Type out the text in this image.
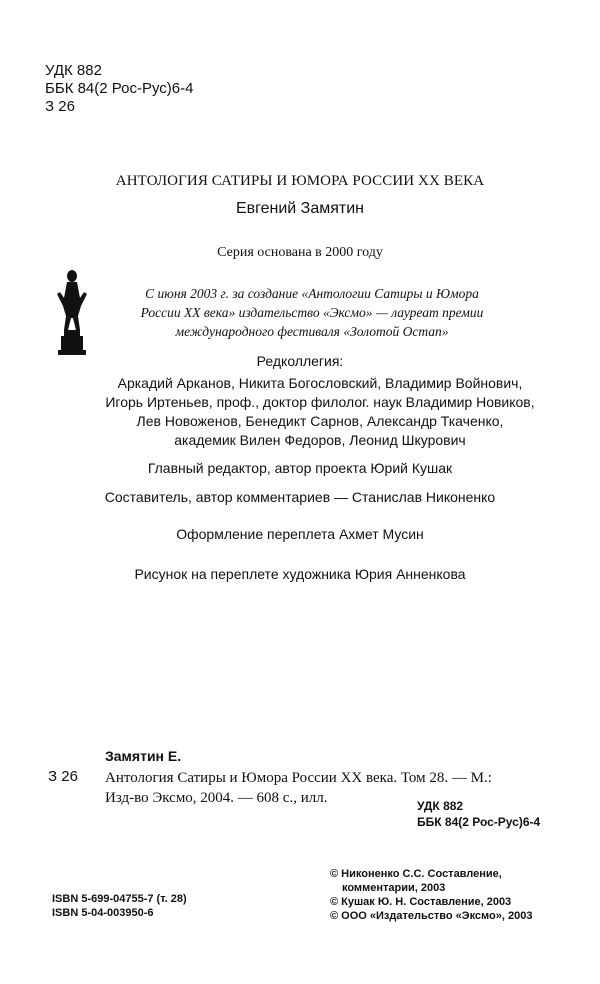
УДК 882
ББК 84(2 Рос-Рус)6-4
З 26
АНТОЛОГИЯ САТИРЫ И ЮМОРА РОССИИ XX ВЕКА
Евгений Замятин
Серия основана в 2000 году
С июня 2003 г. за создание «Антологии Сатиры и Юмора
России XX века» издательство «Эксмо» — лауреат премии
международного фестиваля «Золотой Остап»
Редколлегия:
Аркадий Арканов, Никита Богословский, Владимир Войнович,
Игорь Иртеньев, проф., доктор филолог. наук Владимир Новиков,
Лев Новоженов, Бенедикт Сарнов, Александр Ткаченко,
академик Вилен Федоров, Леонид Шкурович
Главный редактор, автор проекта Юрий Кушак
Составитель, автор комментариев — Станислав Никоненко
Оформление переплета Ахмет Мусин
Рисунок на переплете художника Юрия Анненкова
Замятин Е.
З 26 Антология Сатиры и Юмора России XX века. Том 28. — М.:
Изд-во Эксмо, 2004. — 608 с., илл.	УДК 882
ББК 84(2 Рос-Рус)6-4
© Никоненко С.С. Составление,
комментарии, 2003
© Кушак Ю. Н. Составление, 2003
© ООО «Издательство «Эксмо», 2003
ISBN 5-699-04755-7 (т. 28)
ISBN 5-04-003950-6
